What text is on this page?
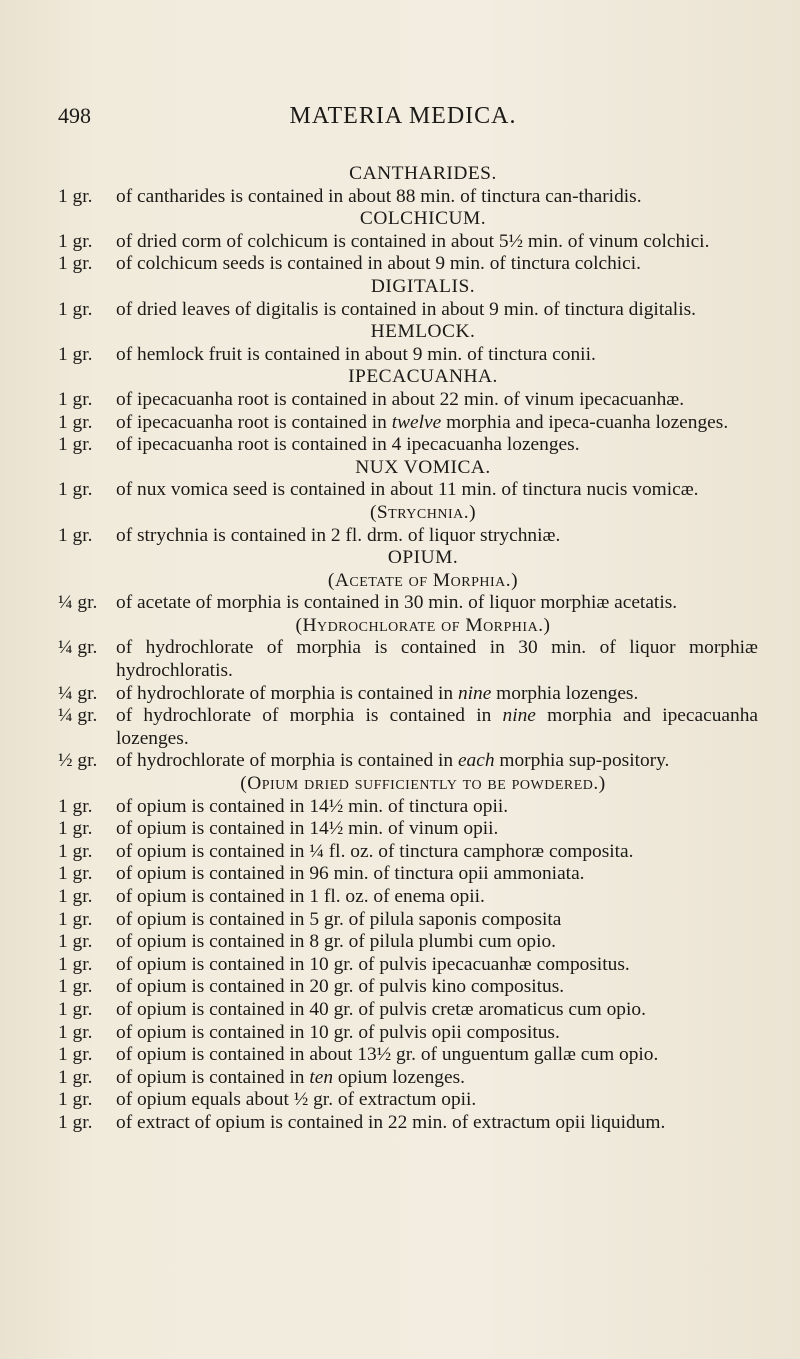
498	MATERIA MEDICA.
CANTHARIDES.
1 gr.	of cantharides is contained in about 88 min. of tinctura can-tharidis.
COLCHICUM.
1 gr.	of dried corm of colchicum is contained in about 5½ min. of vinum colchici.
1 gr.	of colchicum seeds is contained in about 9 min. of tinctura colchici.
DIGITALIS.
1 gr.	of dried leaves of digitalis is contained in about 9 min. of tinctura digitalis.
HEMLOCK.
1 gr.	of hemlock fruit is contained in about 9 min. of tinctura conii.
IPECACUANHA.
1 gr.	of ipecacuanha root is contained in about 22 min. of vinum ipecacuanhæ.
1 gr.	of ipecacuanha root is contained in twelve morphia and ipeca-cuanha lozenges.
1 gr.	of ipecacuanha root is contained in 4 ipecacuanha lozenges.
NUX VOMICA.
1 gr.	of nux vomica seed is contained in about 11 min. of tinctura nucis vomicæ.
(Strychnia.)
1 gr.	of strychnia is contained in 2 fl. drm. of liquor strychniæ.
OPIUM.
(Acetate of Morphia.)
¼ gr. of acetate of morphia is contained in 30 min. of liquor morphiæ acetatis.
(Hydrochlorate of Morphia.)
¼ gr. of hydrochlorate of morphia is contained in 30 min. of liquor morphiæ hydrochloratis.
¼ gr. of hydrochlorate of morphia is contained in nine morphia lozenges.
¼ gr. of hydrochlorate of morphia is contained in nine morphia and ipecacuanha lozenges.
½ gr. of hydrochlorate of morphia is contained in each morphia sup-pository.
(Opium dried sufficiently to be powdered.)
1 gr.	of opium is contained in 14½ min. of tinctura opii.
1 gr.	of opium is contained in 14½ min. of vinum opii.
1 gr.	of opium is contained in ¼ fl. oz. of tinctura camphoræ composita.
1 gr.	of opium is contained in 96 min. of tinctura opii ammoniata.
1 gr.	of opium is contained in 1 fl. oz. of enema opii.
1 gr.	of opium is contained in 5 gr. of pilula saponis composita
1 gr.	of opium is contained in 8 gr. of pilula plumbi cum opio.
1 gr.	of opium is contained in 10 gr. of pulvis ipecacuanhæ compositus.
1 gr.	of opium is contained in 20 gr. of pulvis kino compositus.
1 gr.	of opium is contained in 40 gr. of pulvis cretæ aromaticus cum opio.
1 gr.	of opium is contained in 10 gr. of pulvis opii compositus.
1 gr.	of opium is contained in about 13½ gr. of unguentum gallæ cum opio.
1 gr.	of opium is contained in ten opium lozenges.
1 gr.	of opium equals about ½ gr. of extractum opii.
1 gr.	of extract of opium is contained in 22 min. of extractum opii liquidum.
